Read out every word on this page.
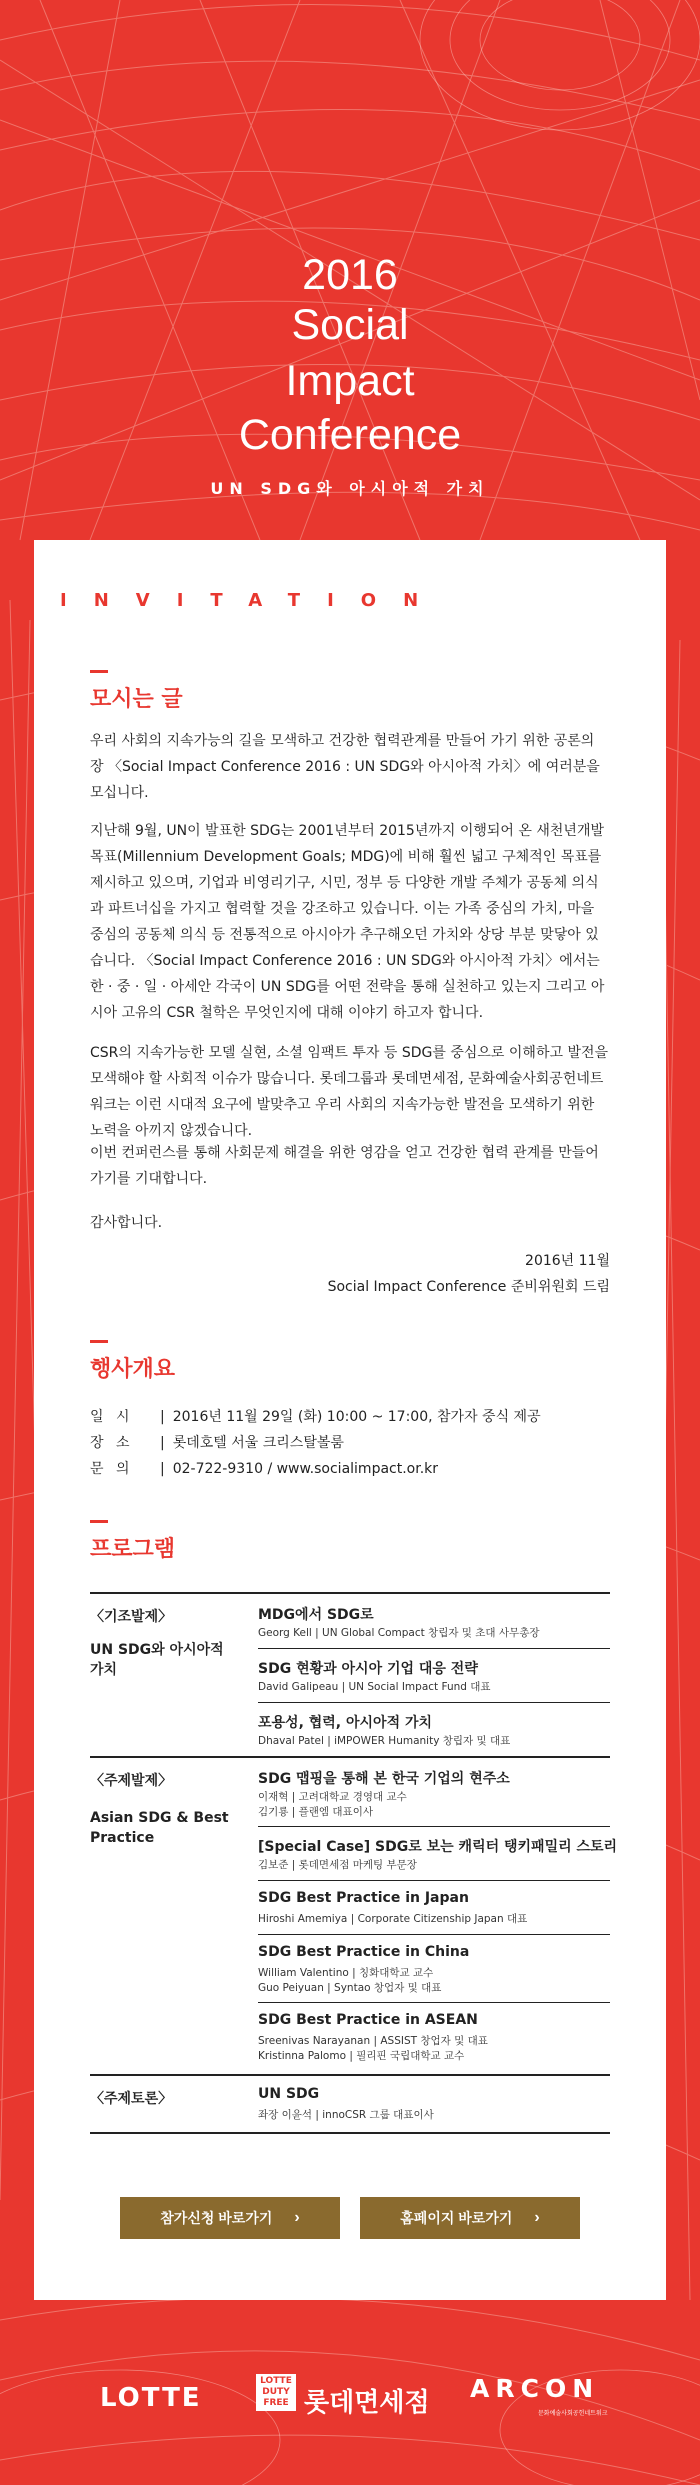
2016
Social
Impact
Conference
UN SDG와 아시아적 가치
INVITATION
모시는 글
우리 사회의 지속가능의 길을 모색하고 건강한 협력관계를 만들어 가기 위한 공론의 장 〈Social Impact Conference 2016 : UN SDG와 아시아적 가치〉에 여러분을 모십니다.
지난해 9월, UN이 발표한 SDG는 2001년부터 2015년까지 이행되어 온 새천년개발목표(Millennium Development Goals; MDG)에 비해 훨씬 넓고 구체적인 목표를 제시하고 있으며, 기업과 비영리기구, 시민, 정부 등 다양한 개발 주체가 공동체 의식과 파트너십을 가지고 협력할 것을 강조하고 있습니다. 이는 가족 중심의 가치, 마을 중심의 공동체 의식 등 전통적으로 아시아가 추구해오던 가치와 상당 부분 맞닿아 있습니다. 〈Social Impact Conference 2016 : UN SDG와 아시아적 가치〉에서는 한 · 중 · 일 · 아세안 각국이 UN SDG를 어떤 전략을 통해 실천하고 있는지 그리고 아시아 고유의 CSR 철학은 무엇인지에 대해 이야기 하고자 합니다.
CSR의 지속가능한 모델 실현, 소셜 임팩트 투자 등 SDG를 중심으로 이해하고 발전을 모색해야 할 사회적 이슈가 많습니다. 롯데그룹과 롯데면세점, 문화예술사회공헌네트워크는 이런 시대적 요구에 발맞추고 우리 사회의 지속가능한 발전을 모색하기 위한 노력을 아끼지 않겠습니다.
이번 컨퍼런스를 통해 사회문제 해결을 위한 영감을 얻고 건강한 협력 관계를 만들어 가기를 기대합니다.
감사합니다.
2016년 11월
Social Impact Conference 준비위원회 드림
행사개요
일 시 | 2016년 11월 29일 (화) 10:00 ~ 17:00, 참가자 중식 제공
장 소 | 롯데호텔 서울 크리스탈볼룸
문 의 | 02-722-9310 / www.socialimpact.or.kr
프로그램
〈기조발제〉
UN SDG와 아시아적 가치
MDG에서 SDG로
Georg Kell | UN Global Compact 창립자 및 초대 사무총장
SDG 현황과 아시아 기업 대응 전략
David Galipeau | UN Social Impact Fund 대표
포용성, 협력, 아시아적 가치
Dhaval Patel | iMPOWER Humanity 창립자 및 대표
〈주제발제〉
Asian SDG & Best Practice
SDG 맵핑을 통해 본 한국 기업의 현주소
이재혁 | 고려대학교 경영대 교수
김기룡 | 플랜엠 대표이사
[Special Case] SDG로 보는 캐릭터 탱키패밀리 스토리
김보준 | 롯데면세점 마케팅 부문장
SDG Best Practice in Japan
Hiroshi Amemiya | Corporate Citizenship Japan 대표
SDG Best Practice in China
William Valentino | 칭화대학교 교수
Guo Peiyuan | Syntao 창업자 및 대표
SDG Best Practice in ASEAN
Sreenivas Narayanan | ASSIST 창업자 및 대표
Kristinna Palomo | 필리핀 국립대학교 교수
〈주제토론〉	UN SDG
좌장 이윤석 | innoCSR 그룹 대표이사
참가신청 바로가기 ›	홈페이지 바로가기 ›
LOTTE
LOTTE
DUTY
FREE 롯데면세점 ARCON
문화예술사회공헌네트워크
